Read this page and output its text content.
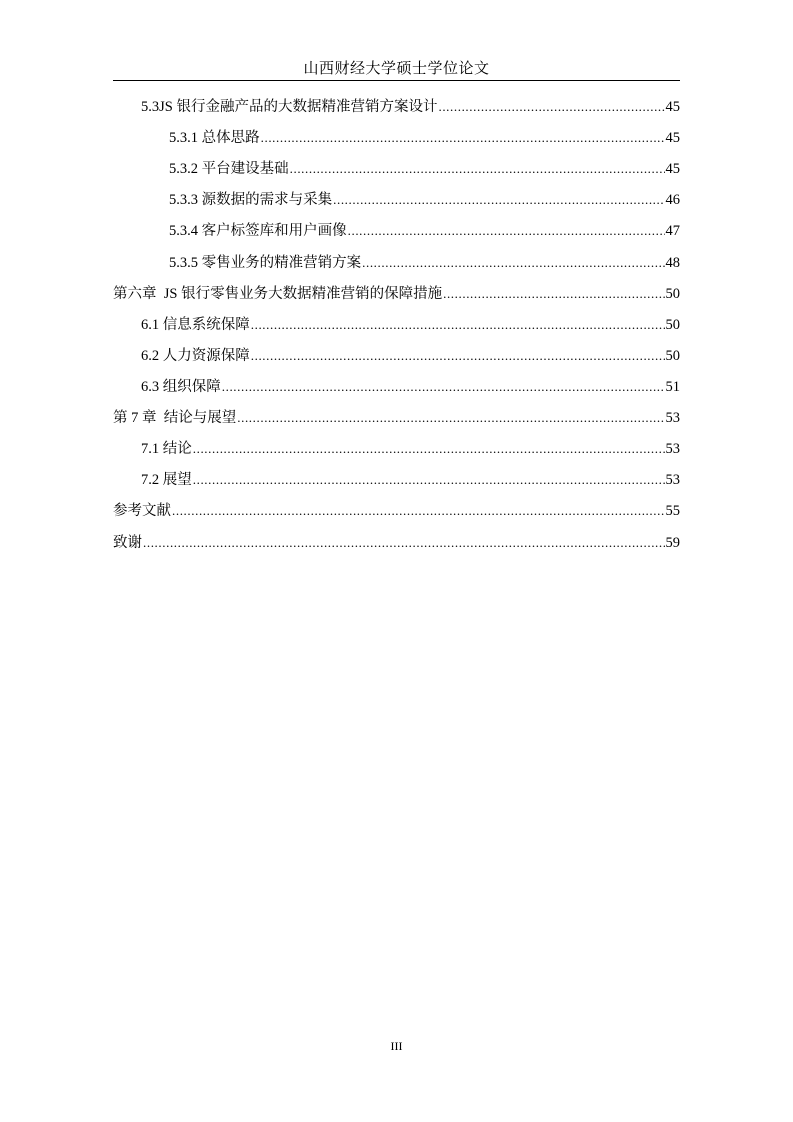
山西财经大学硕士学位论文
5.3JS 银行金融产品的大数据精准营销方案设计 .....	45
5.3.1 总体思路 .....	45
5.3.2 平台建设基础 .....	45
5.3.3 源数据的需求与采集 .....	46
5.3.4 客户标签库和用户画像 .....	47
5.3.5 零售业务的精准营销方案 .....	48
第六章  JS 银行零售业务大数据精准营销的保障措施 .....	50
6.1 信息系统保障 .....	50
6.2 人力资源保障 .....	50
6.3 组织保障 .....	51
第 7 章  结论与展望 .....	53
7.1 结论 .....	53
7.2 展望 .....	53
参考文献 .....	55
致谢 .....	59
III
